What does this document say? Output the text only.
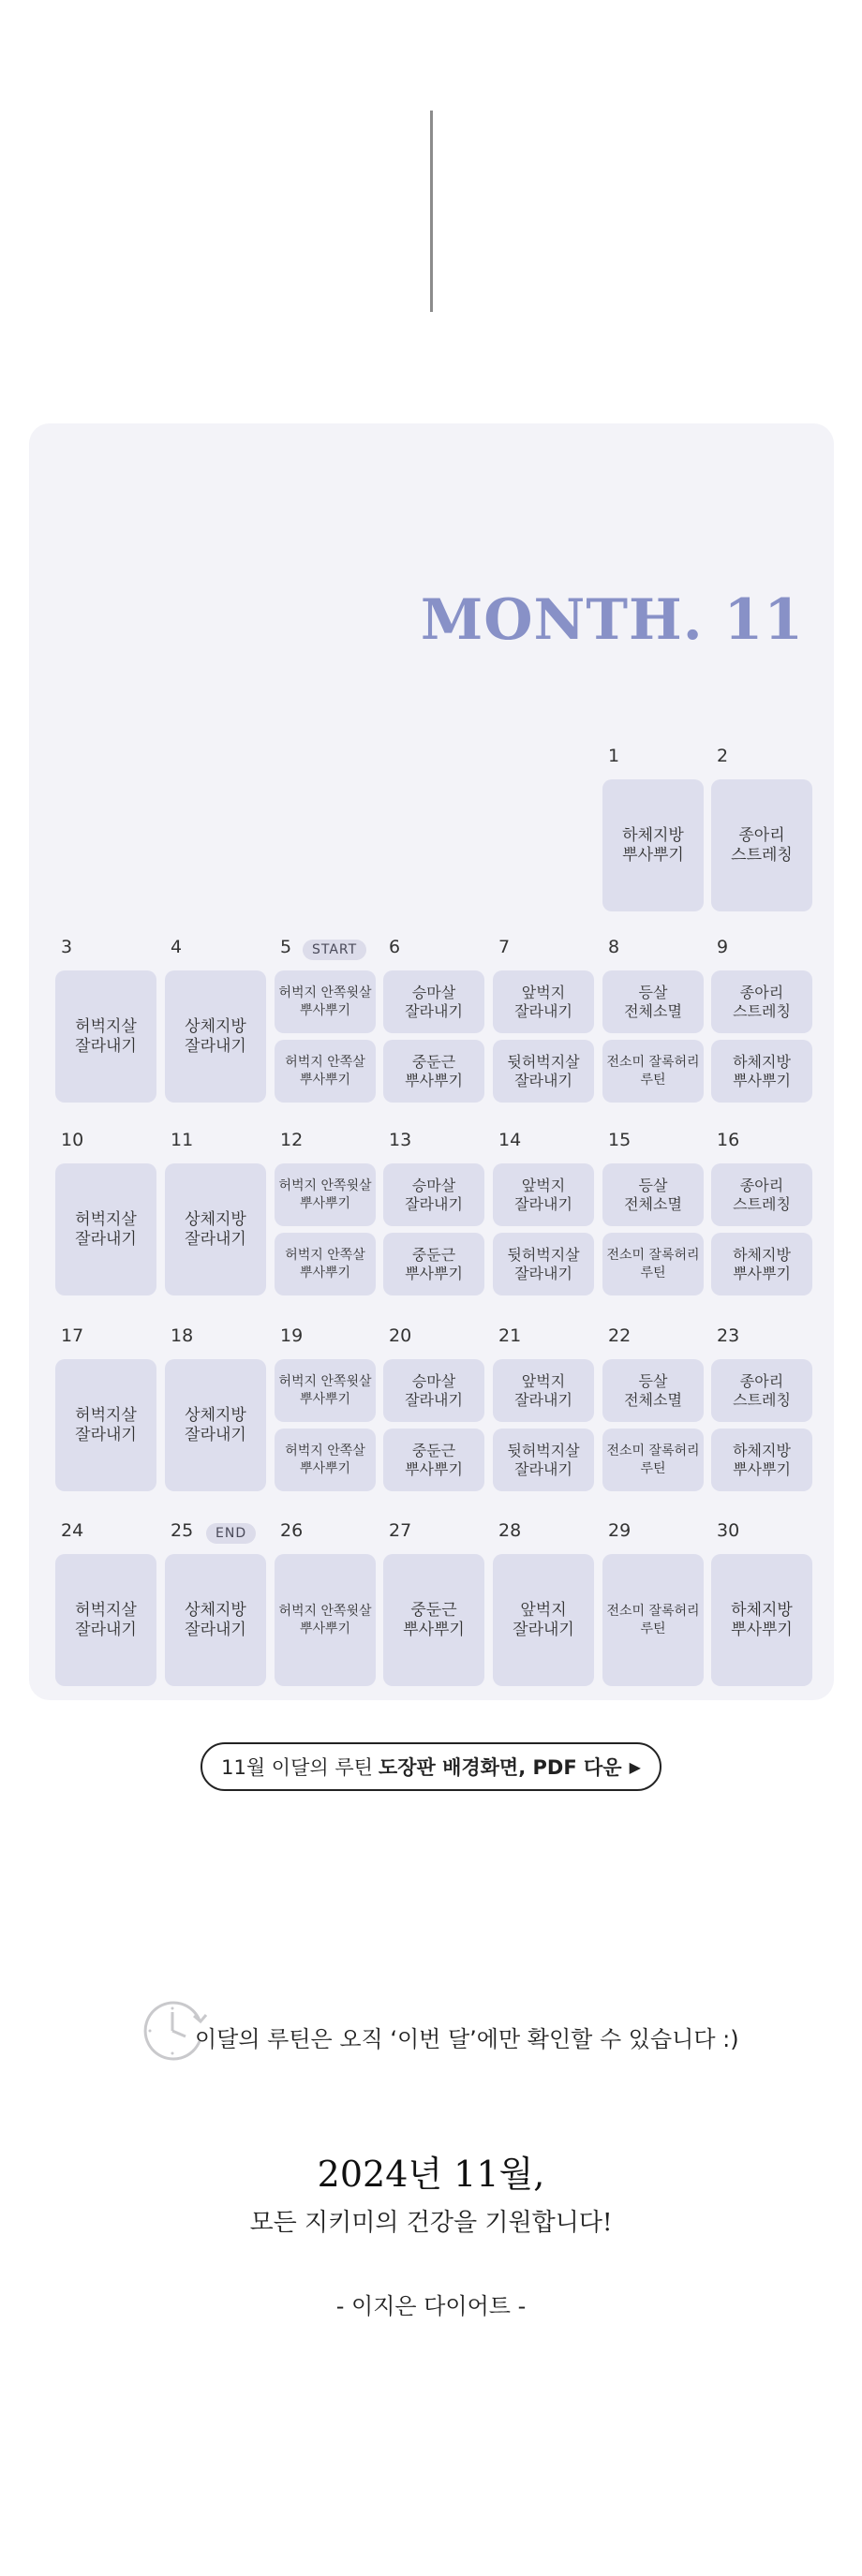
MONTH. 11
1
하체지방
뿌사뿌기
2
종아리
스트레칭
3
허벅지살
잘라내기
4
상체지방
잘라내기
5	START
허벅지 안쪽윗살
뿌사뿌기
허벅지 안쪽살
뿌사뿌기
6
승마살
잘라내기
중둔근
뿌사뿌기
7
앞벅지
잘라내기
뒷허벅지살
잘라내기
8
등살
전체소멸
전소미 잘록허리
루틴
9
종아리
스트레칭
하체지방
뿌사뿌기
10
허벅지살
잘라내기
11
상체지방
잘라내기
12
허벅지 안쪽윗살
뿌사뿌기
허벅지 안쪽살
뿌사뿌기
13
승마살
잘라내기
중둔근
뿌사뿌기
14
앞벅지
잘라내기
뒷허벅지살
잘라내기
15
등살
전체소멸
전소미 잘록허리
루틴
16
종아리
스트레칭
하체지방
뿌사뿌기
17
허벅지살
잘라내기
18
상체지방
잘라내기
19
허벅지 안쪽윗살
뿌사뿌기
허벅지 안쪽살
뿌사뿌기
20
승마살
잘라내기
중둔근
뿌사뿌기
21
앞벅지
잘라내기
뒷허벅지살
잘라내기
22
등살
전체소멸
전소미 잘록허리
루틴
23
종아리
스트레칭
하체지방
뿌사뿌기
24
허벅지살
잘라내기
25	END
상체지방
잘라내기
26
허벅지 안쪽윗살
뿌사뿌기
27
중둔근
뿌사뿌기
28
앞벅지
잘라내기
29
전소미 잘록허리
루틴
30
하체지방
뿌사뿌기
11월 이달의 루틴 도장판 배경화면, PDF 다운 ▶
이달의 루틴은 오직 ‘이번 달’에만 확인할 수 있습니다 :)
2024년 11월,
모든 지키미의 건강을 기원합니다!
- 이지은 다이어트 -
